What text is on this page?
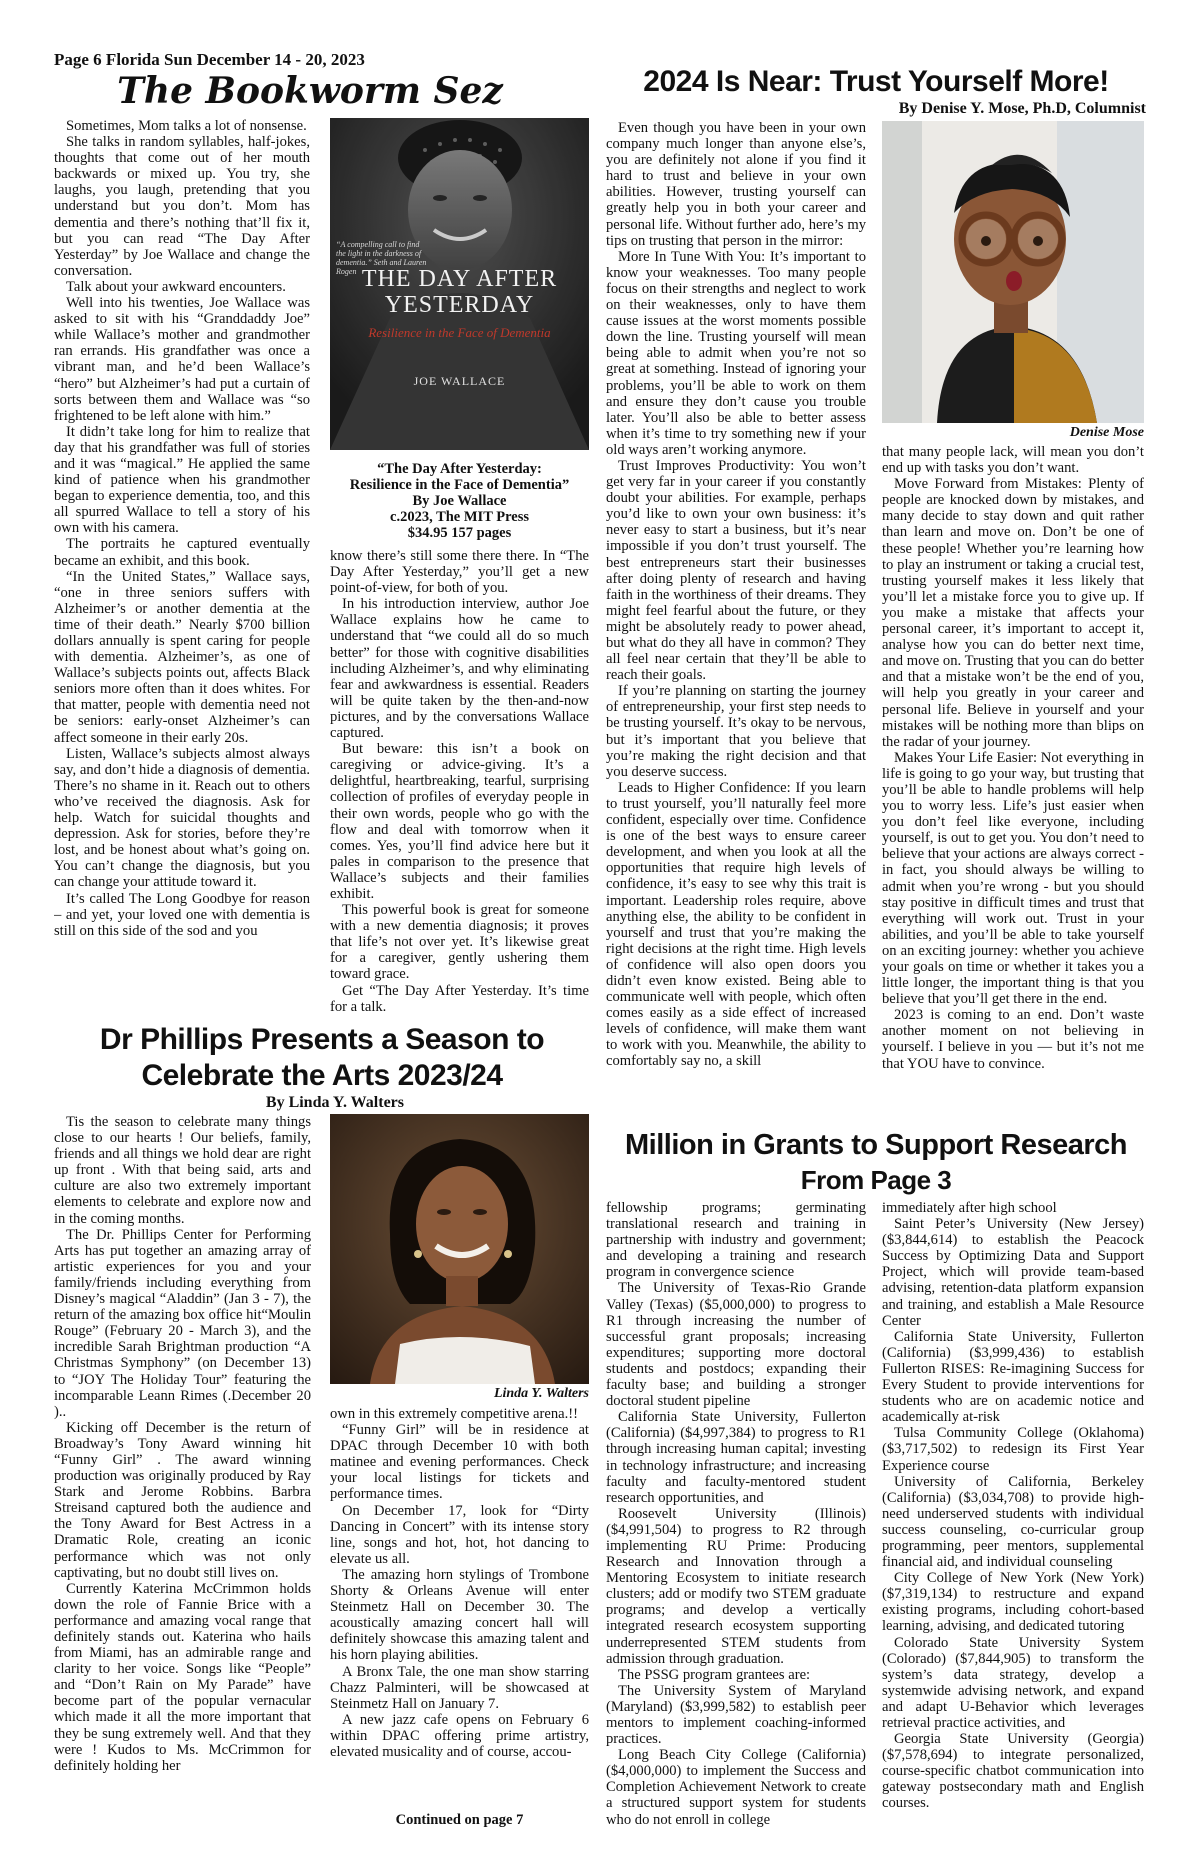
Page 6 Florida Sun December 14 - 20, 2023
The Bookworm Sez

Sometimes, Mom talks a lot of nonsense.

She talks in random syllables, half-jokes, thoughts that come out of her mouth backwards or mixed up. You try, she laughs, you laugh, pretending that you understand but you don’t. Mom has dementia and there’s nothing that’ll fix it, but you can read “The Day After Yesterday” by Joe Wallace and change the conversation.

Talk about your awkward encounters.

Well into his twenties, Joe Wallace was asked to sit with his “Granddaddy Joe” while Wallace’s mother and grandmother ran errands. His grandfather was once a vibrant man, and he’d been Wallace’s “hero” but Alzheimer’s had put a curtain of sorts between them and Wallace was “so frightened to be left alone with him.”

It didn’t take long for him to realize that day that his grandfather was full of stories and it was “magical.” He applied the same kind of patience when his grandmother began to experience dementia, too, and this all spurred Wallace to tell a story of his own with his camera.

The portraits he captured eventually became an exhibit, and this book.

“In the United States,” Wallace says, “one in three seniors suffers with Alzheimer’s or another dementia at the time of their death.” Nearly $700 billion dollars annually is spent caring for people with dementia. Alzheimer’s, as one of Wallace’s subjects points out, affects Black seniors more often than it does whites. For that matter, people with dementia need not be seniors: early-onset Alzheimer’s can affect someone in their early 20s.

Listen, Wallace’s subjects almost always say, and don’t hide a diagnosis of dementia. There’s no shame in it. Reach out to others who’ve received the diagnosis. Ask for help. Watch for suicidal thoughts and depression. Ask for stories, before they’re lost, and be honest about what’s going on. You can’t change the diagnosis, but you can change your attitude toward it.

It’s called The Long Goodbye for reason – and yet, your loved one with dementia is still on this side of the sod and you

“A compelling call to find the light in the darkness of dementia.” Seth and Lauren Rogen THE DAY AFTER
YESTERDAY
Resilience in the Face of Dementia
JOE WALLACE
“The Day After Yesterday:
Resilience in the Face of Dementia”
By Joe Wallace
c.2023, The MIT Press
$34.95 157 pages

know there’s still some there there. In “The Day After Yesterday,” you’ll get a new point-of-view, for both of you.

In his introduction interview, author Joe Wallace explains how he came to understand that “we could all do so much better” for those with cognitive disabilities including Alzheimer’s, and why eliminating fear and awkwardness is essential. Readers will be quite taken by the then-and-now pictures, and by the conversations Wallace captured.

But beware: this isn’t a book on caregiving or advice-giving. It’s a delightful, heartbreaking, tearful, surprising collection of profiles of everyday people in their own words, people who go with the flow and deal with tomorrow when it comes. Yes, you’ll find advice here but it pales in comparison to the presence that Wallace’s subjects and their families exhibit.

This powerful book is great for someone with a new dementia diagnosis; it proves that life’s not over yet. It’s likewise great for a caregiver, gently ushering them toward grace.

Get “The Day After Yesterday. It’s time for a talk.

2024 Is Near: Trust Yourself More!
By Denise Y. Mose, Ph.D, Columnist

Even though you have been in your own company much longer than anyone else’s, you are definitely not alone if you find it hard to trust and believe in your own abilities. However, trusting yourself can greatly help you in both your career and personal life. Without further ado, here’s my tips on trusting that person in the mirror:

More In Tune With You: It’s important to know your weaknesses. Too many people focus on their strengths and neglect to work on their weaknesses, only to have them cause issues at the worst moments possible down the line. Trusting yourself will mean being able to admit when you’re not so great at something. Instead of ignoring your problems, you’ll be able to work on them and ensure they don’t cause you trouble later. You’ll also be able to better assess when it’s time to try something new if your old ways aren’t working anymore.

Trust Improves Productivity: You won’t get very far in your career if you constantly doubt your abilities. For example, perhaps you’d like to own your own business: it’s never easy to start a business, but it’s near impossible if you don’t trust yourself. The best entrepreneurs start their businesses after doing plenty of research and having faith in the worthiness of their dreams. They might feel fearful about the future, or they might be absolutely ready to power ahead, but what do they all have in common? They all feel near certain that they’ll be able to reach their goals.

If you’re planning on starting the journey of entrepreneurship, your first step needs to be trusting yourself. It’s okay to be nervous, but it’s important that you believe that you’re making the right decision and that you deserve success.

Leads to Higher Confidence: If you learn to trust yourself, you’ll naturally feel more confident, especially over time. Confidence is one of the best ways to ensure career development, and when you look at all the opportunities that require high levels of confidence, it’s easy to see why this trait is important. Leadership roles require, above anything else, the ability to be confident in yourself and trust that you’re making the right decisions at the right time. High levels of confidence will also open doors you didn’t even know existed. Being able to communicate well with people, which often comes easily as a side effect of increased levels of confidence, will make them want to work with you. Meanwhile, the ability to comfortably say no, a skill

Denise Mose

that many people lack, will mean you don’t end up with tasks you don’t want.

Move Forward from Mistakes: Plenty of people are knocked down by mistakes, and many decide to stay down and quit rather than learn and move on. Don’t be one of these people! Whether you’re learning how to play an instrument or taking a crucial test, trusting yourself makes it less likely that you’ll let a mistake force you to give up. If you make a mistake that affects your personal career, it’s important to accept it, analyse how you can do better next time, and move on. Trusting that you can do better and that a mistake won’t be the end of you, will help you greatly in your career and personal life. Believe in yourself and your mistakes will be nothing more than blips on the radar of your journey.

Makes Your Life Easier: Not everything in life is going to go your way, but trusting that you’ll be able to handle problems will help you to worry less. Life’s just easier when you don’t feel like everyone, including yourself, is out to get you. You don’t need to believe that your actions are always correct - in fact, you should always be willing to admit when you’re wrong - but you should stay positive in difficult times and trust that everything will work out. Trust in your abilities, and you’ll be able to take yourself on an exciting journey: whether you achieve your goals on time or whether it takes you a little longer, the important thing is that you believe that you’ll get there in the end.

2023 is coming to an end. Don’t waste another moment on not believing in yourself. I believe in you — but it’s not me that YOU have to convince.

Dr Phillips Presents a Season to
Celebrate the Arts 2023/24
By Linda Y. Walters

Tis the season to celebrate many things close to our hearts ! Our beliefs, family, friends and all things we hold dear are right up front . With that being said, arts and culture are also two extremely important elements to celebrate and explore now and in the coming months.

The Dr. Phillips Center for Performing Arts has put together an amazing array of artistic experiences for you and your family/friends including everything from Disney’s magical “Aladdin” (Jan 3 - 7), the return of the amazing box office hit“Moulin Rouge” (February 20 - March 3), and the incredible Sarah Brightman production “A Christmas Symphony” (on December 13) to “JOY The Holiday Tour” featuring the incomparable Leann Rimes (.December 20 )..

Kicking off December is the return of Broadway’s Tony Award winning hit “Funny Girl” . The award winning production was originally produced by Ray Stark and Jerome Robbins. Barbra Streisand captured both the audience and the Tony Award for Best Actress in a Dramatic Role, creating an iconic performance which was not only captivating, but no doubt still lives on.

Currently Katerina McCrimmon holds down the role of Fannie Brice with a performance and amazing vocal range that definitely stands out. Katerina who hails from Miami, has an admirable range and clarity to her voice. Songs like “People” and “Don’t Rain on My Parade” have become part of the popular vernacular which made it all the more important that they be sung extremely well. And that they were ! Kudos to Ms. McCrimmon for definitely holding her

Linda Y. Walters

own in this extremely competitive arena.!!

“Funny Girl” will be in residence at DPAC through December 10 with both matinee and evening performances. Check your local listings for tickets and performance times.

On December 17, look for “Dirty Dancing in Concert” with its intense story line, songs and hot, hot, hot dancing to elevate us all.

The amazing horn stylings of Trombone Shorty & Orleans Avenue will enter Steinmetz Hall on December 30. The acoustically amazing concert hall will definitely showcase this amazing talent and his horn playing abilities.

A Bronx Tale, the one man show starring Chazz Palminteri, will be showcased at Steinmetz Hall on January 7.

A new jazz cafe opens on February 6 within DPAC offering prime artistry, elevated musicality and of course, accou-

Continued on page 7
Million in Grants to Support Research
From Page 3

fellowship programs; germinating translational research and training in partnership with industry and government; and developing a training and research program in convergence science

The University of Texas-Rio Grande Valley (Texas) ($5,000,000) to progress to R1 through increasing the number of successful grant proposals; increasing expenditures; supporting more doctoral students and postdocs; expanding their faculty base; and building a stronger doctoral student pipeline

California State University, Fullerton (California) ($4,997,384) to progress to R1 through increasing human capital; investing in technology infrastructure; and increasing faculty and faculty-mentored student research opportunities, and

Roosevelt University (Illinois) ($4,991,504) to progress to R2 through implementing RU Prime: Producing Research and Innovation through a Mentoring Ecosystem to initiate research clusters; add or modify two STEM graduate programs; and develop a vertically integrated research ecosystem supporting underrepresented STEM students from admission through graduation.

The PSSG program grantees are:

The University System of Maryland (Maryland) ($3,999,582) to establish peer mentors to implement coaching-informed practices.

Long Beach City College (California) ($4,000,000) to implement the Success and Completion Achievement Network to create a structured support system for students who do not enroll in college

immediately after high school

Saint Peter’s University (New Jersey) ($3,844,614) to establish the Peacock Success by Optimizing Data and Support Project, which will provide team-based advising, retention-data platform expansion and training, and establish a Male Resource Center

California State University, Fullerton (California) ($3,999,436) to establish Fullerton RISES: Re-imagining Success for Every Student to provide interventions for students who are on academic notice and academically at-risk

Tulsa Community College (Oklahoma) ($3,717,502) to redesign its First Year Experience course

University of California, Berkeley (California) ($3,034,708) to provide high-need underserved students with individual success counseling, co-curricular group programming, peer mentors, supplemental financial aid, and individual counseling

City College of New York (New York) ($7,319,134) to restructure and expand existing programs, including cohort-based learning, advising, and dedicated tutoring

Colorado State University System (Colorado) ($7,844,905) to transform the system’s data strategy, develop a systemwide advising network, and expand and adapt U-Behavior which leverages retrieval practice activities, and

Georgia State University (Georgia) ($7,578,694) to integrate personalized, course-specific chatbot communication into gateway postsecondary math and English courses.
